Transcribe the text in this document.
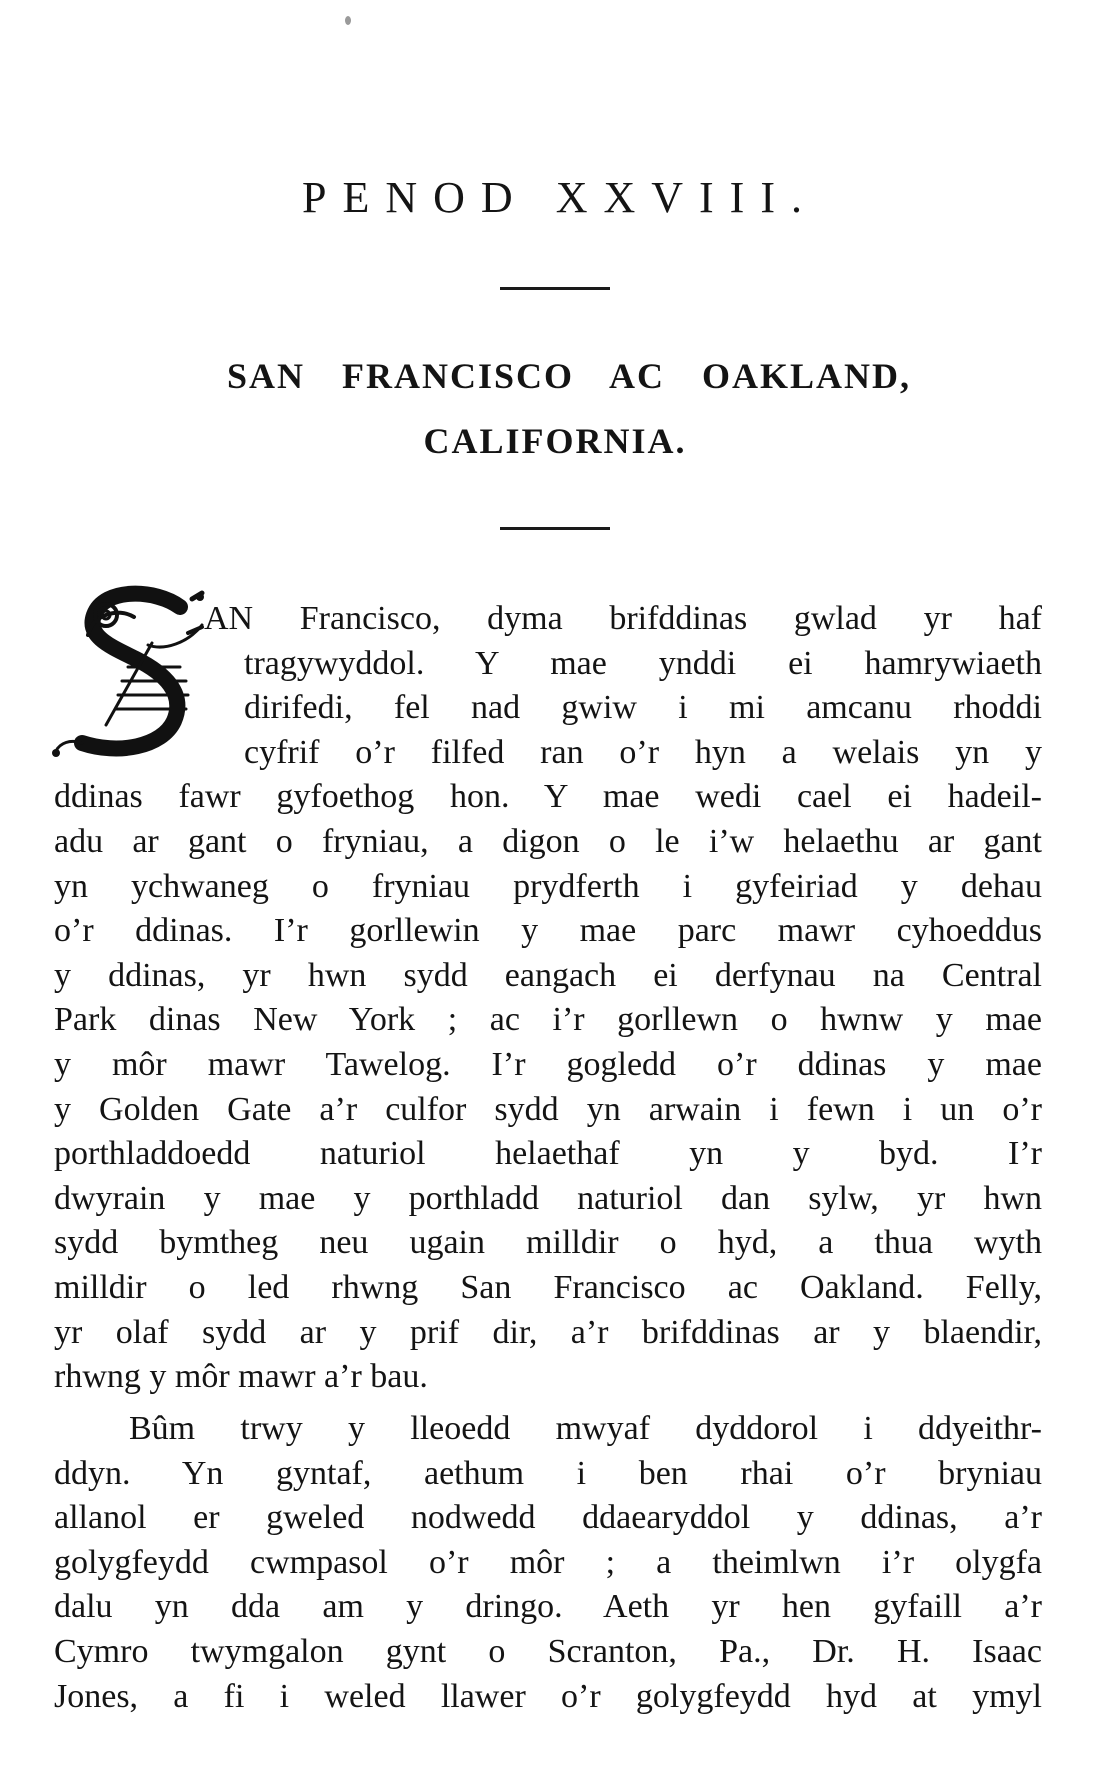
PENOD XXVIII.
SAN FRANCISCO AC OAKLAND,
CALIFORNIA.
AN Francisco, dyma brifddinas gwlad yr haf
tragywyddol. Y mae ynddi ei hamrywiaeth
dirifedi, fel nad gwiw i mi amcanu rhoddi
cyfrif o’r filfed ran o’r hyn a welais yn y
ddinas fawr gyfoethog hon. Y mae wedi cael ei hadeil-
adu ar gant o fryniau, a digon o le i’w helaethu ar gant
yn ychwaneg o fryniau prydferth i gyfeiriad y dehau
o’r ddinas. I’r gorllewin y mae parc mawr cyhoeddus
y ddinas, yr hwn sydd eangach ei derfynau na Central
Park dinas New York ; ac i’r gorllewn o hwnw y mae
y môr mawr Tawelog. I’r gogledd o’r ddinas y mae
y Golden Gate a’r culfor sydd yn arwain i fewn i un o’r
porthladdoedd naturiol helaethaf yn y byd. I’r
dwyrain y mae y porthladd naturiol dan sylw, yr hwn
sydd bymtheg neu ugain milldir o hyd, a thua wyth
milldir o led rhwng San Francisco ac Oakland. Felly,
yr olaf sydd ar y prif dir, a’r brifddinas ar y blaendir,
rhwng y môr mawr a’r bau.
Bûm trwy y lleoedd mwyaf dyddorol i ddyeithr-
ddyn. Yn gyntaf, aethum i ben rhai o’r bryniau
allanol er gweled nodwedd ddaearyddol y ddinas, a’r
golygfeydd cwmpasol o’r môr ; a theimlwn i’r olygfa
dalu yn dda am y dringo. Aeth yr hen gyfaill a’r
Cymro twymgalon gynt o Scranton, Pa., Dr. H. Isaac
Jones, a fi i weled llawer o’r golygfeydd hyd at ymyl
